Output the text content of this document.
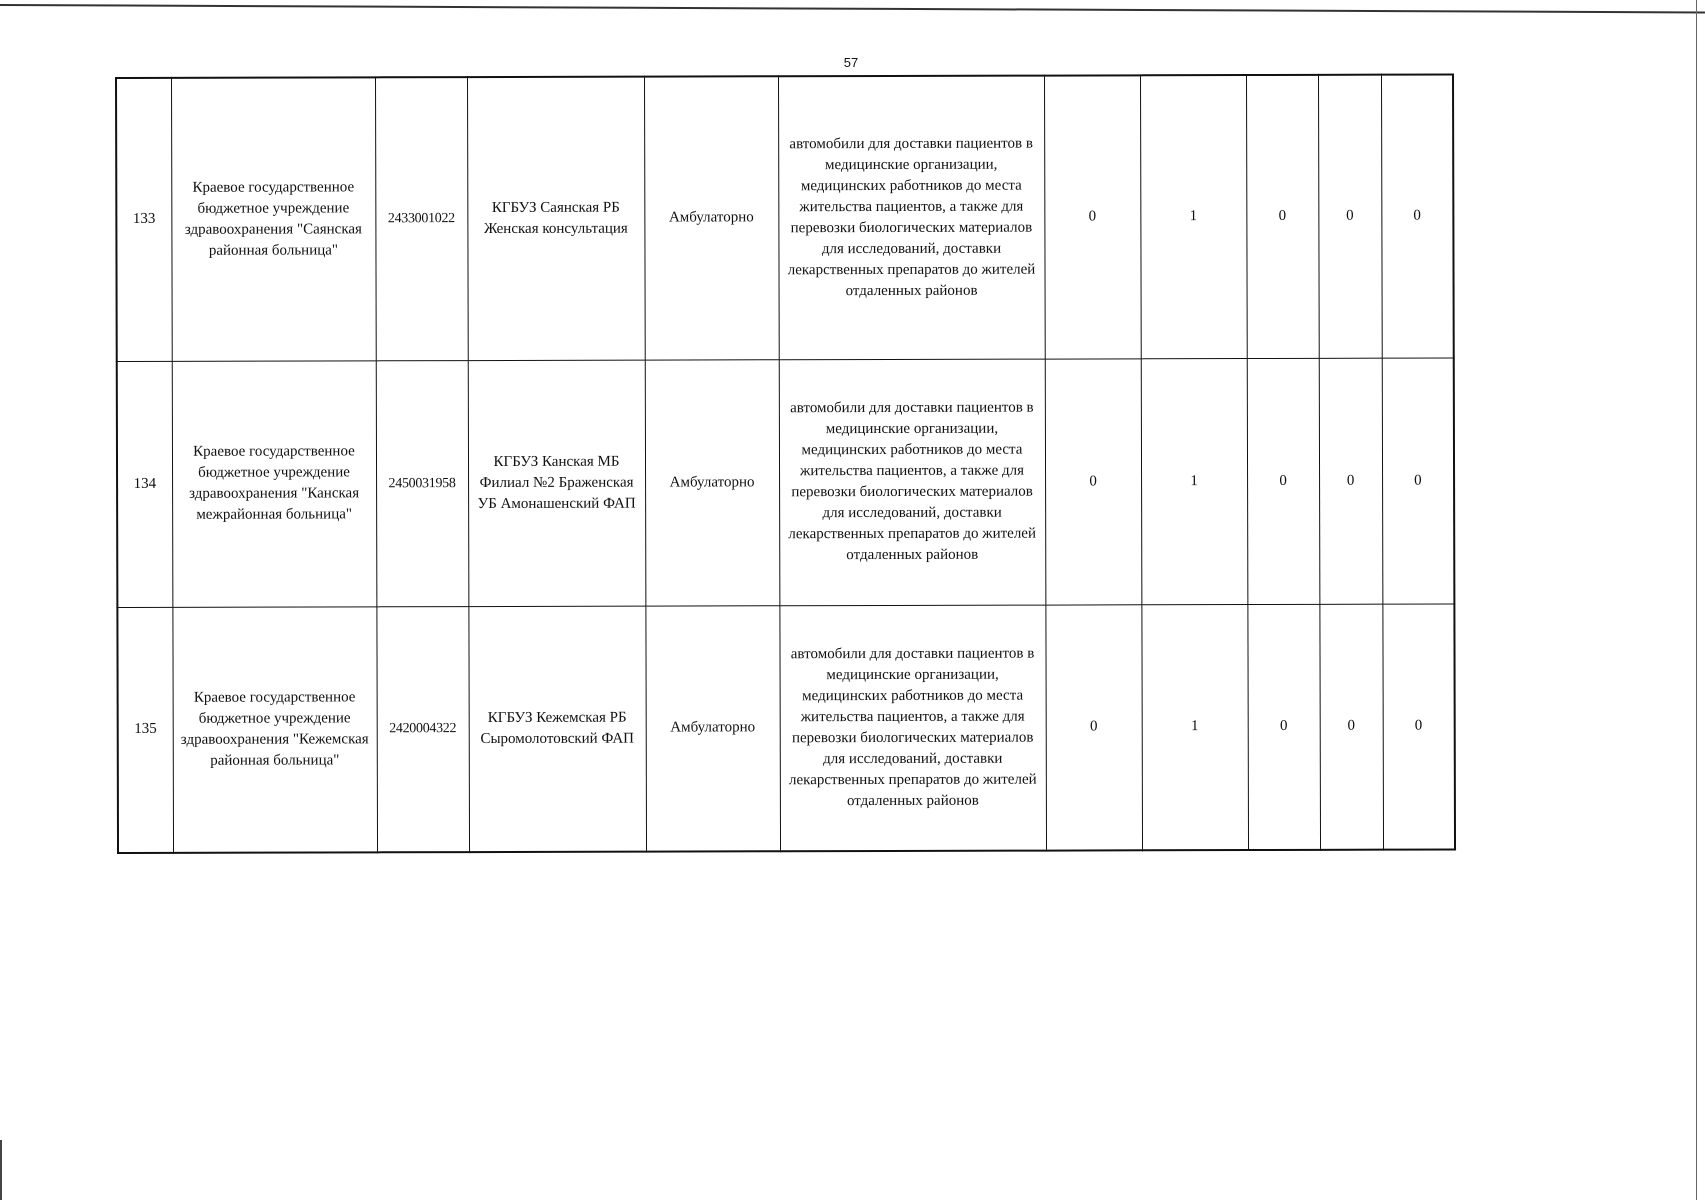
57
133	Краевое государственное бюджетное учреждение здравоохранения "Саянская районная больница"	2433001022	КГБУЗ Саянская РБ Женская консультация	Амбулаторно	автомобили для доставки пациентов в медицинские организации, медицинских работников до места жительства пациентов, а также для перевозки биологических материалов для исследований, доставки лекарственных препаратов до жителей отдаленных районов	0	1	0	0	0
134	Краевое государственное бюджетное учреждение здравоохранения "Канская межрайонная больница"	2450031958	КГБУЗ Канская МБ Филиал №2 Браженская УБ Амонашенский ФАП	Амбулаторно	автомобили для доставки пациентов в медицинские организации, медицинских работников до места жительства пациентов, а также для перевозки биологических материалов для исследований, доставки лекарственных препаратов до жителей отдаленных районов	0	1	0	0	0
135	Краевое государственное бюджетное учреждение здравоохранения "Кежемская районная больница"	2420004322	КГБУЗ Кежемская РБ Сыромолотовский ФАП	Амбулаторно	автомобили для доставки пациентов в медицинские организации, медицинских работников до места жительства пациентов, а также для перевозки биологических материалов для исследований, доставки лекарственных препаратов до жителей отдаленных районов	0	1	0	0	0
